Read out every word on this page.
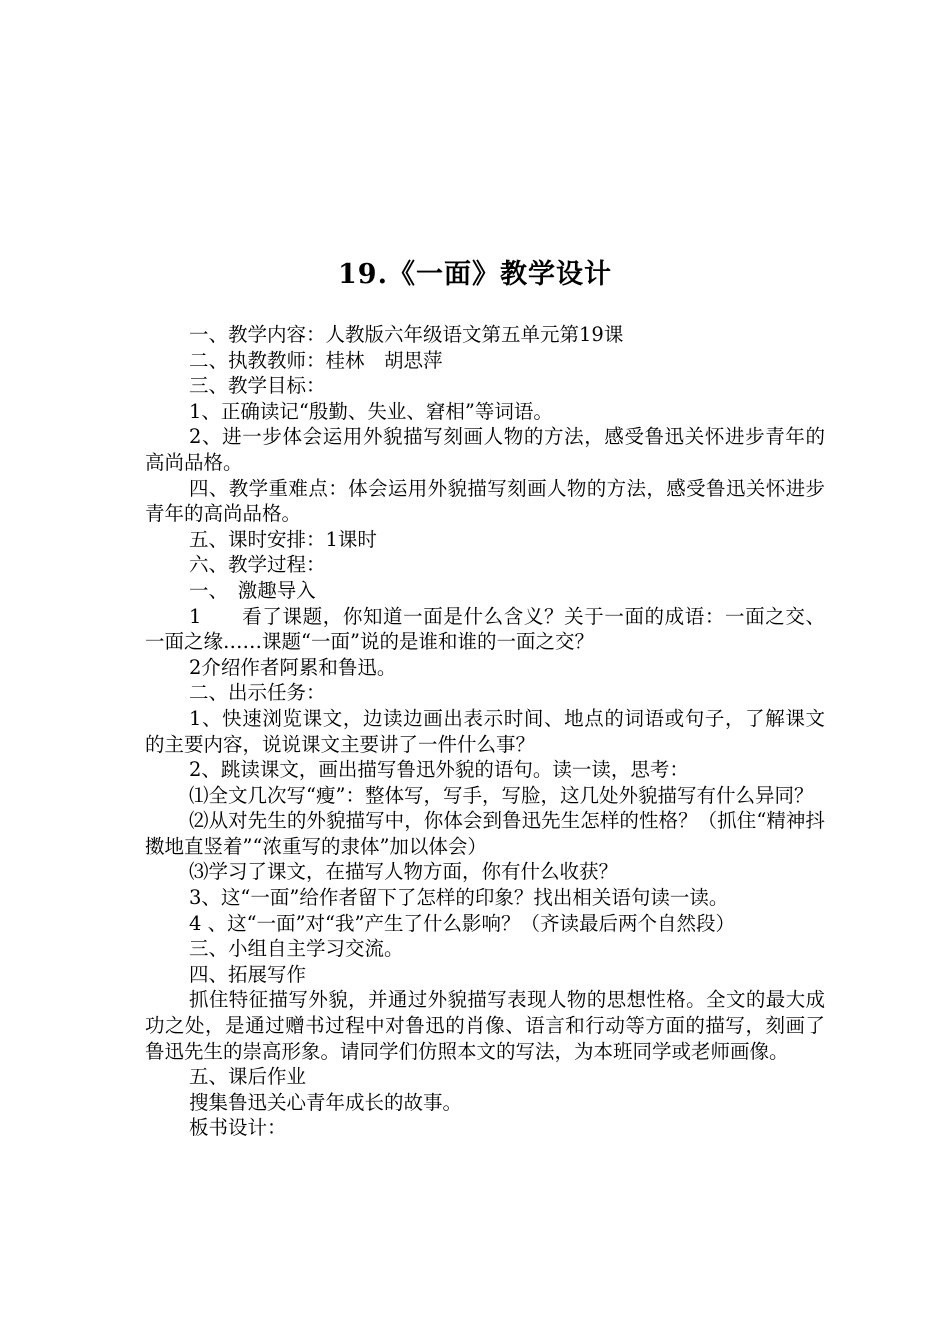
19.《一面》教学设计

一、教学内容：人教版六年级语文第五单元第19课

二、执教教师：桂林　胡思萍

三、教学目标：

1、正确读记“殷勤、失业、窘相”等词语。

2、进一步体会运用外貌描写刻画人物的方法，感受鲁迅关怀进步青年的高尚品格。

四、教学重难点：体会运用外貌描写刻画人物的方法，感受鲁迅关怀进步青年的高尚品格。

五、课时安排：1课时

六、教学过程：

一、　激趣导入

1　　看了课题，你知道一面是什么含义？关于一面的成语：一面之交、一面之缘……课题“一面”说的是谁和谁的一面之交？

2介绍作者阿累和鲁迅。

二、出示任务：

1、快速浏览课文，边读边画出表示时间、地点的词语或句子，了解课文的主要内容，说说课文主要讲了一件什么事？

2、跳读课文，画出描写鲁迅外貌的语句。读一读，思考：

⑴全文几次写“瘦”：整体写，写手，写脸，这几处外貌描写有什么异同？

⑵从对先生的外貌描写中，你体会到鲁迅先生怎样的性格？（抓住“精神抖擞地直竖着”“浓重写的隶体”加以体会）

⑶学习了课文，在描写人物方面，你有什么收获？

3、这“一面”给作者留下了怎样的印象？找出相关语句读一读。

4 、这“一面”对“我”产生了什么影响？（齐读最后两个自然段）

三、小组自主学习交流。

四、拓展写作

抓住特征描写外貌，并通过外貌描写表现人物的思想性格。全文的最大成功之处，是通过赠书过程中对鲁迅的肖像、语言和行动等方面的描写，刻画了鲁迅先生的崇高形象。请同学们仿照本文的写法，为本班同学或老师画像。

五、课后作业

搜集鲁迅关心青年成长的故事。

板书设计：
